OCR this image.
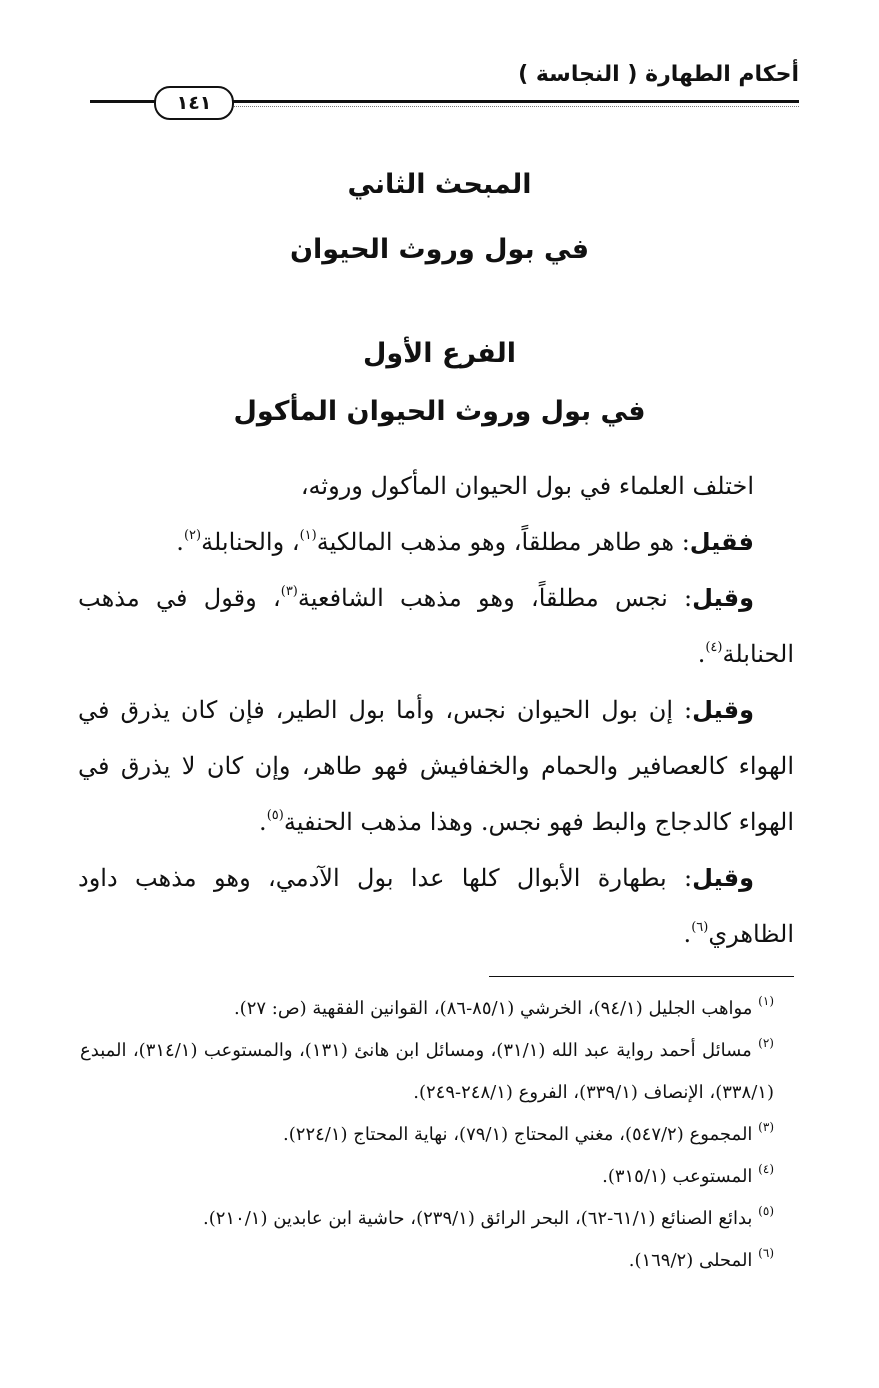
أحكام الطهارة ( النجاسة )
١٤١
المبحث الثاني
في بول وروث الحيوان
الفرع الأول
في بول وروث الحيوان المأكول

اختلف العلماء في بول الحيوان المأكول وروثه،

فقيل: هو طاهر مطلقاً، وهو مذهب المالكية$^{(١)}$، والحنابلة$^{(٢)}$.

وقيل: نجس مطلقاً، وهو مذهب الشافعية$^{(٣)}$، وقول في مذهب الحنابلة$^{(٤)}$.

وقيل: إن بول الحيوان نجس، وأما بول الطير، فإن كان يذرق في الهواء كالعصافير والحمام والخفافيش فهو طاهر، وإن كان لا يذرق في الهواء كالدجاج والبط فهو نجس. وهذا مذهب الحنفية$^{(٥)}$.

وقيل: بطهارة الأبوال كلها عدا بول الآدمي، وهو مذهب داود الظاهري$^{(٦)}$.

$^{(١)}$ مواهب الجليل (٩٤/١)، الخرشي (٨٥/١-٨٦)، القوانين الفقهية (ص: ٢٧).

$^{(٢)}$ مسائل أحمد رواية عبد الله (٣١/١)، ومسائل ابن هانئ (١٣١)، والمستوعب (٣١٤/١)، المبدع (٣٣٨/١)، الإنصاف (٣٣٩/١)، الفروع (٢٤٨/١-٢٤٩).

$^{(٣)}$ المجموع (٥٤٧/٢)، مغني المحتاج (٧٩/١)، نهاية المحتاج (٢٢٤/١).

$^{(٤)}$ المستوعب (٣١٥/١).

$^{(٥)}$ بدائع الصنائع (٦١/١-٦٢)، البحر الرائق (٢٣٩/١)، حاشية ابن عابدين (٢١٠/١).

$^{(٦)}$ المحلى (١٦٩/٢).
